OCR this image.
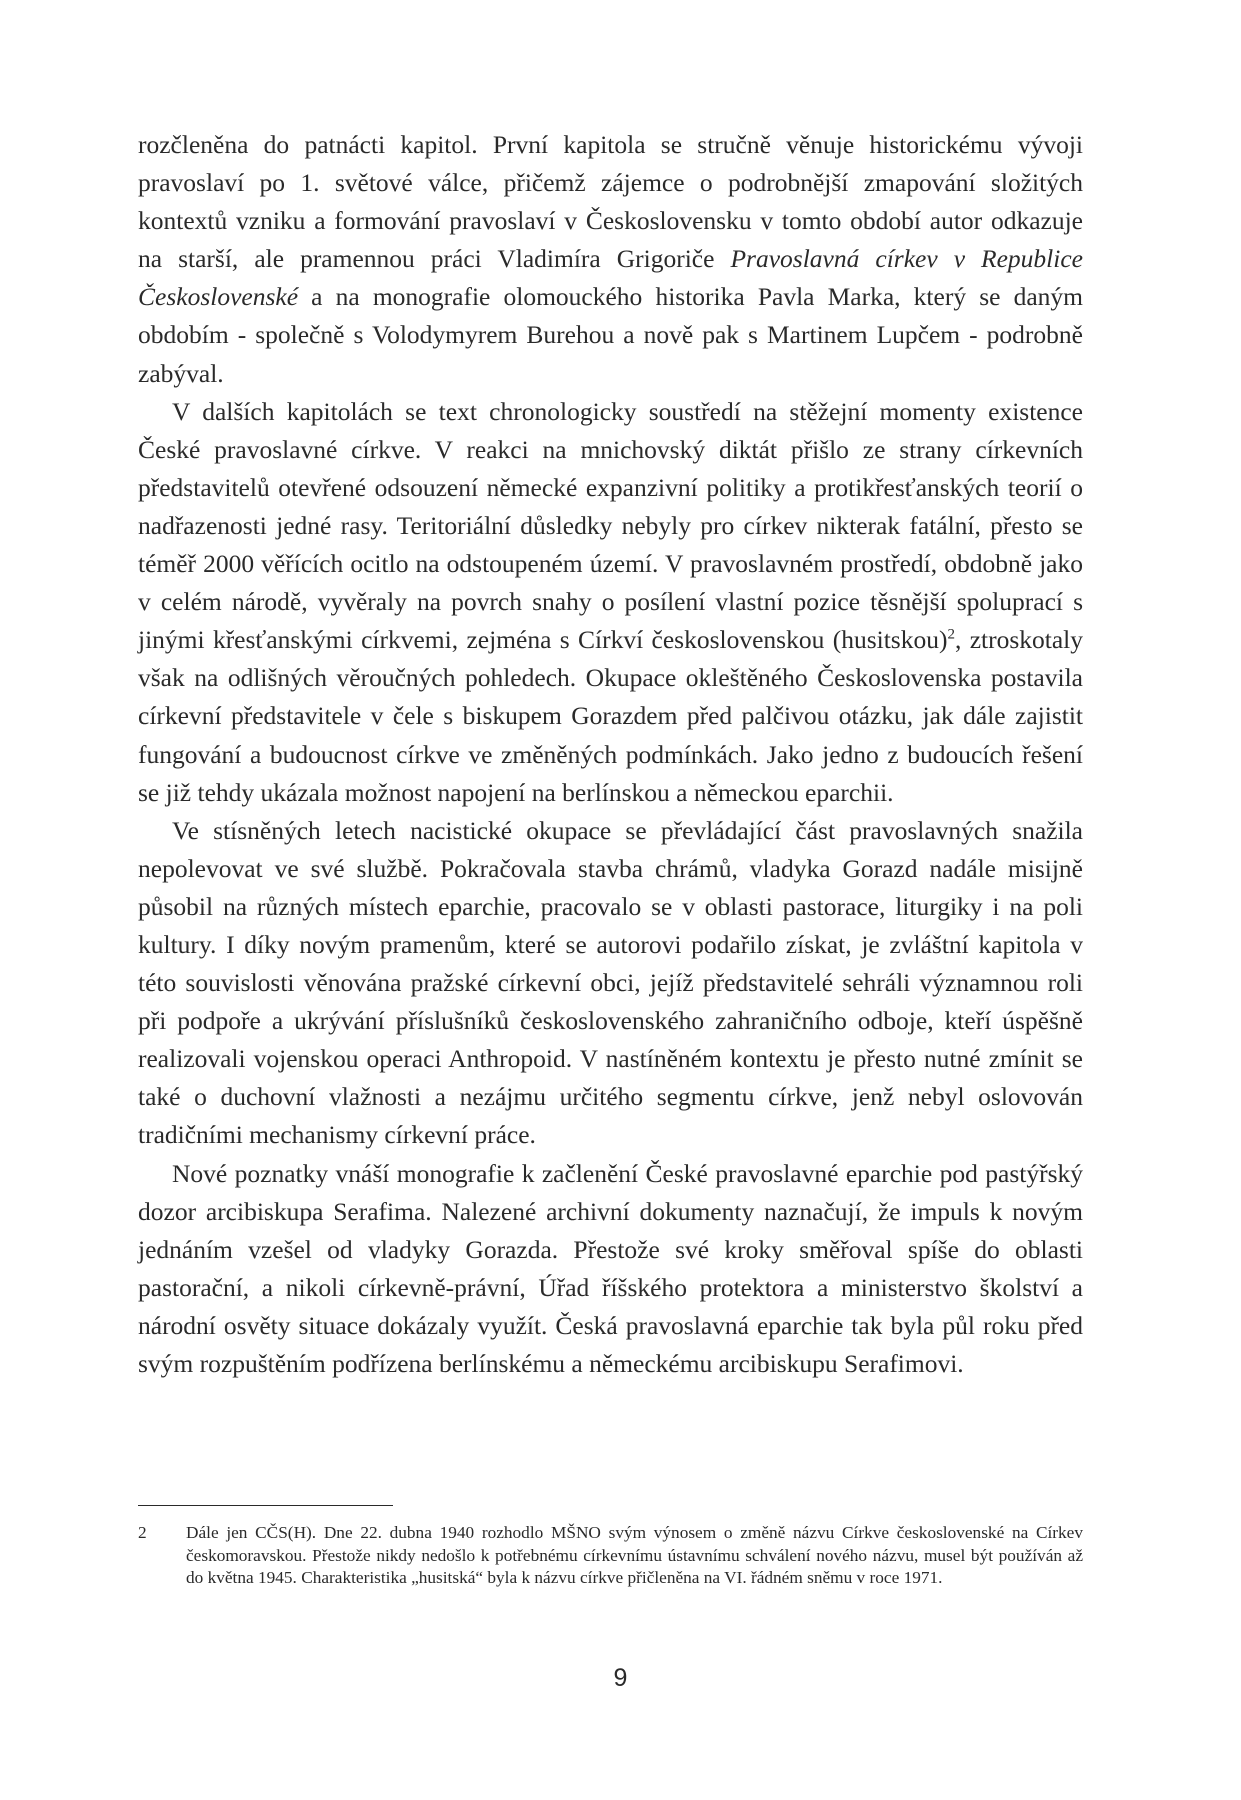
rozčleněna do patnácti kapitol. První kapitola se stručně věnuje historickému vývoji pravoslaví po 1. světové válce, přičemž zájemce o podrobnější zmapování složitých kontextů vzniku a formování pravoslaví v Československu v tomto období autor odkazuje na starší, ale pramennou práci Vladimíra Grigoriče Pravoslavná církev v Republice Československé a na monografie olomouckého historika Pavla Marka, který se daným obdobím - společně s Volodymyrem Burehou a nově pak s Martinem Lupčem - podrobně zabýval.

V dalších kapitolách se text chronologicky soustředí na stěžejní momenty existence České pravoslavné církve. V reakci na mnichovský diktát přišlo ze strany církevních představitelů otevřené odsouzení německé expanzivní politiky a protikřesťanských teorií o nadřazenosti jedné rasy. Teritoriální důsledky nebyly pro církev nikterak fatální, přesto se téměř 2000 věřících ocitlo na odstoupeném území. V pravoslavném prostředí, obdobně jako v celém národě, vyvěraly na povrch snahy o posílení vlastní pozice těsnější spoluprací s jinými křesťanskými církvemi, zejména s Církví československou (husitskou)$^2$, ztroskotaly však na odlišných věroučných pohledech. Okupace okleštěného Československa postavila církevní představitele v čele s biskupem Gorazdem před palčivou otázku, jak dále zajistit fungování a budoucnost církve ve změněných podmínkách. Jako jedno z budoucích řešení se již tehdy ukázala možnost napojení na berlínskou a německou eparchii.

Ve stísněných letech nacistické okupace se převládající část pravoslavných snažila nepolevovat ve své službě. Pokračovala stavba chrámů, vladyka Gorazd nadále misijně působil na různých místech eparchie, pracovalo se v oblasti pastorace, liturgiky i na poli kultury. I díky novým pramenům, které se autorovi podařilo získat, je zvláštní kapitola v této souvislosti věnována pražské církevní obci, jejíž představitelé sehráli významnou roli při podpoře a ukrývání příslušníků československého zahraničního odboje, kteří úspěšně realizovali vojenskou operaci Anthropoid. V nastíněném kontextu je přesto nutné zmínit se také o duchovní vlažnosti a nezájmu určitého segmentu církve, jenž nebyl oslovován tradičními mechanismy církevní práce.

Nové poznatky vnáší monografie k začlenění České pravoslavné eparchie pod pastýřský dozor arcibiskupa Serafima. Nalezené archivní dokumenty naznačují, že impuls k novým jednáním vzešel od vladyky Gorazda. Přestože své kroky směřoval spíše do oblasti pastorační, a nikoli církevně-právní, Úřad říšského protektora a ministerstvo školství a národní osvěty situace dokázaly využít. Česká pravoslavná eparchie tak byla půl roku před svým rozpuštěním podřízena berlínskému a německému arcibiskupu Serafimovi.

2	Dále jen CČS(H). Dne 22. dubna 1940 rozhodlo MŠNO svým výnosem o změně názvu Církve československé na Církev českomoravskou. Přestože nikdy nedošlo k potřebnému církevnímu ústavnímu schválení nového názvu, musel být používán až do května 1945. Charakteristika „husitská“ byla k názvu církve přičleněna na VI. řádném sněmu v roce 1971.
9
